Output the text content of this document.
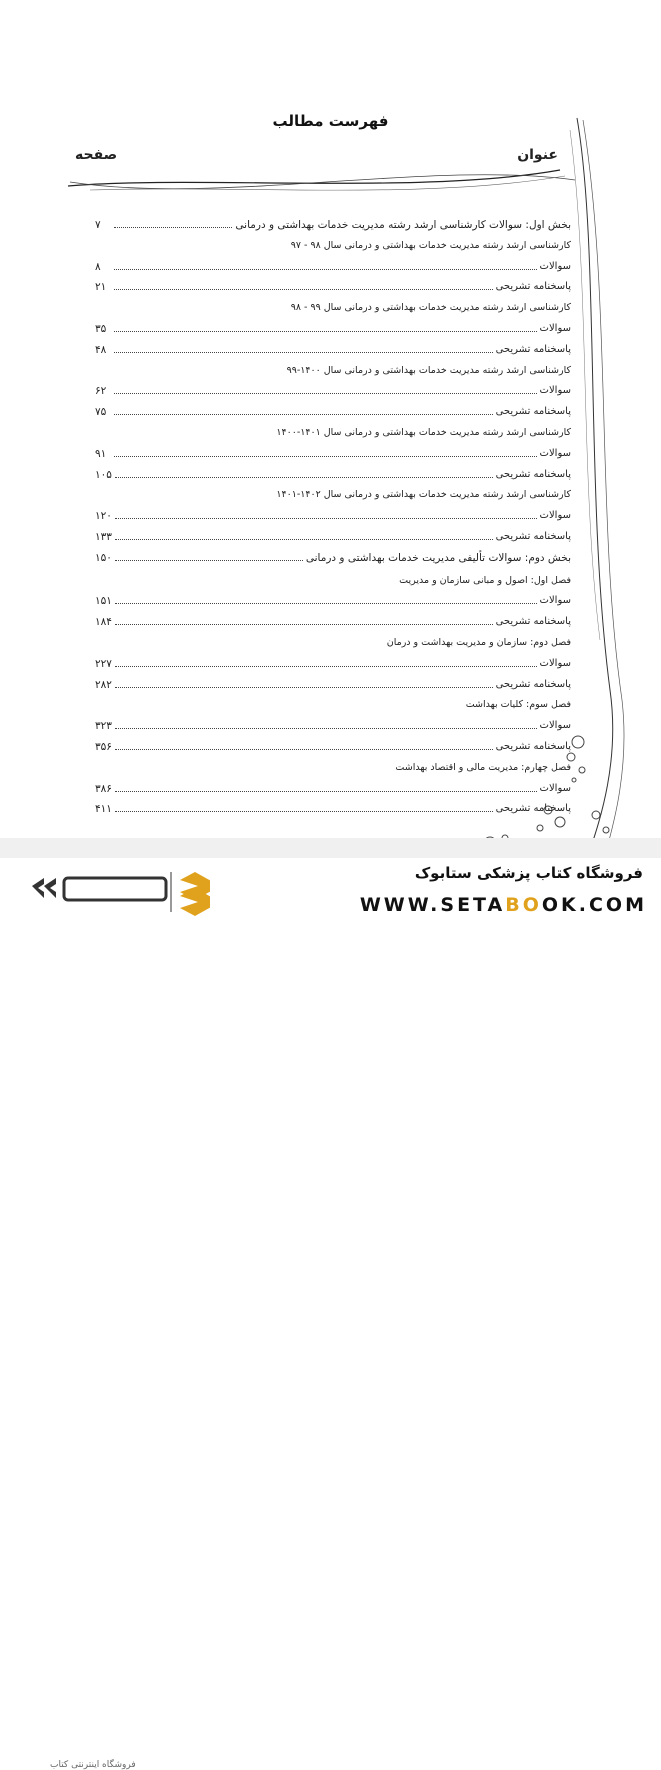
فهرست مطالب
عنوان
صفحه
بخش اول: سوالات کارشناسی ارشد رشته مدیریت خدمات بهداشتی و درمانی
۷
کارشناسی ارشد رشته مدیریت خدمات بهداشتی و درمانی سال ۹۸ - ۹۷
سوالات
۸
پاسخنامه تشریحی
۲۱
کارشناسی ارشد رشته مدیریت خدمات بهداشتی و درمانی سال ۹۹ - ۹۸
سوالات
۳۵
پاسخنامه تشریحی
۴۸
کارشناسی ارشد رشته مدیریت خدمات بهداشتی و درمانی سال ۱۴۰۰-۹۹
سوالات
۶۲
پاسخنامه تشریحی
۷۵
کارشناسی ارشد رشته مدیریت خدمات بهداشتی و درمانی سال ۱۴۰۱-۱۴۰۰
سوالات
۹۱
پاسخنامه تشریحی
۱۰۵
کارشناسی ارشد رشته مدیریت خدمات بهداشتی و درمانی سال ۱۴۰۲-۱۴۰۱
سوالات
۱۲۰
پاسخنامه تشریحی
۱۳۳
بخش دوم: سوالات تألیفی مدیریت خدمات بهداشتی و درمانی
۱۵۰
فصل اول: اصول و مبانی سازمان و مدیریت
سوالات
۱۵۱
پاسخنامه تشریحی
۱۸۴
فصل دوم: سازمان و مدیریت بهداشت و درمان
سوالات
۲۲۷
پاسخنامه تشریحی
۲۸۲
فصل سوم: کلیات بهداشت
سوالات
۳۲۳
پاسخنامه تشریحی
۳۵۶
فصل چهارم: مدیریت مالی و اقتصاد بهداشت
سوالات
۳۸۶
پاسخنامه تشریحی
۴۱۱
فروشگاه اینترنتی کتاب
فروشگاه کتاب پزشکی ستابوک
WWW.SETABOOK.COM
